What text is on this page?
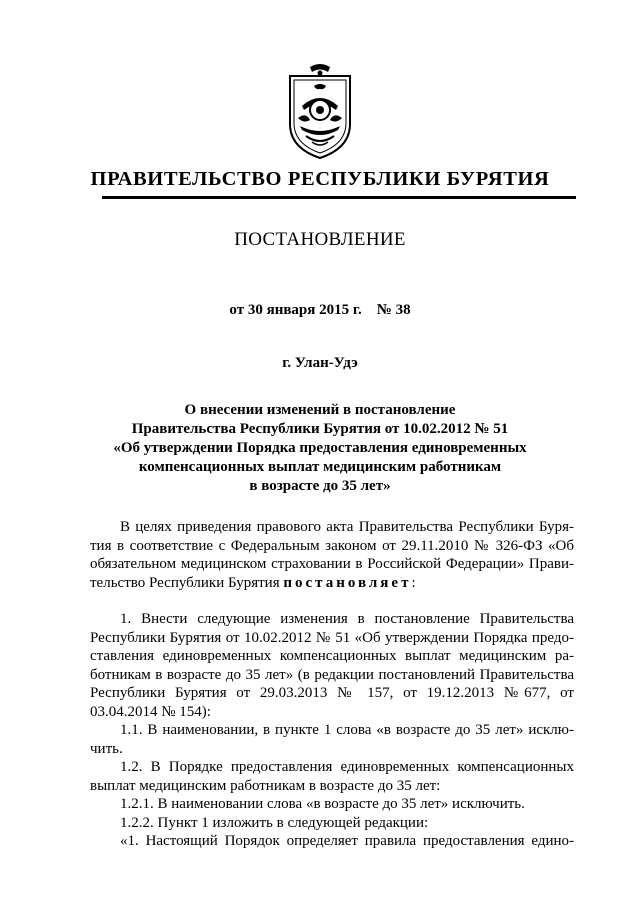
ПРАВИТЕЛЬСТВО РЕСПУБЛИКИ БУРЯТИЯ
ПОСТАНОВЛЕНИЕ
от 30 января 2015 г.    № 38
г. Улан-Удэ
О внесении изменений в постановление
Правительства Республики Бурятия от 10.02.2012 № 51
«Об утверждении Порядка предоставления единовременных
компенсационных выплат медицинским работникам
в возрасте до 35 лет»
В целях приведения правового акта Правительства Республики Буря-
тия в соответствие с Федеральным законом от 29.11.2010 № 326-ФЗ «Об
обязательном медицинском страховании в Российской Федерации» Прави-
тельство Республики Бурятия постановляет:
1. Внести следующие изменения в постановление Правительства
Республики Бурятия от 10.02.2012 № 51 «Об утверждении Порядка предо-
ставления единовременных компенсационных выплат медицинским ра-
ботникам в возрасте до 35 лет» (в редакции постановлений Правительства
Республики Бурятия от 29.03.2013 № 157, от 19.12.2013 №677, от
03.04.2014 № 154):
1.1. В наименовании, в пункте 1 слова «в возрасте до 35 лет» исклю-
чить.
1.2. В Порядке предоставления единовременных компенсационных
выплат медицинским работникам в возрасте до 35 лет:
1.2.1. В наименовании слова «в возрасте до 35 лет» исключить.
1.2.2. Пункт 1 изложить в следующей редакции:
«1. Настоящий Порядок определяет правила предоставления едино-
